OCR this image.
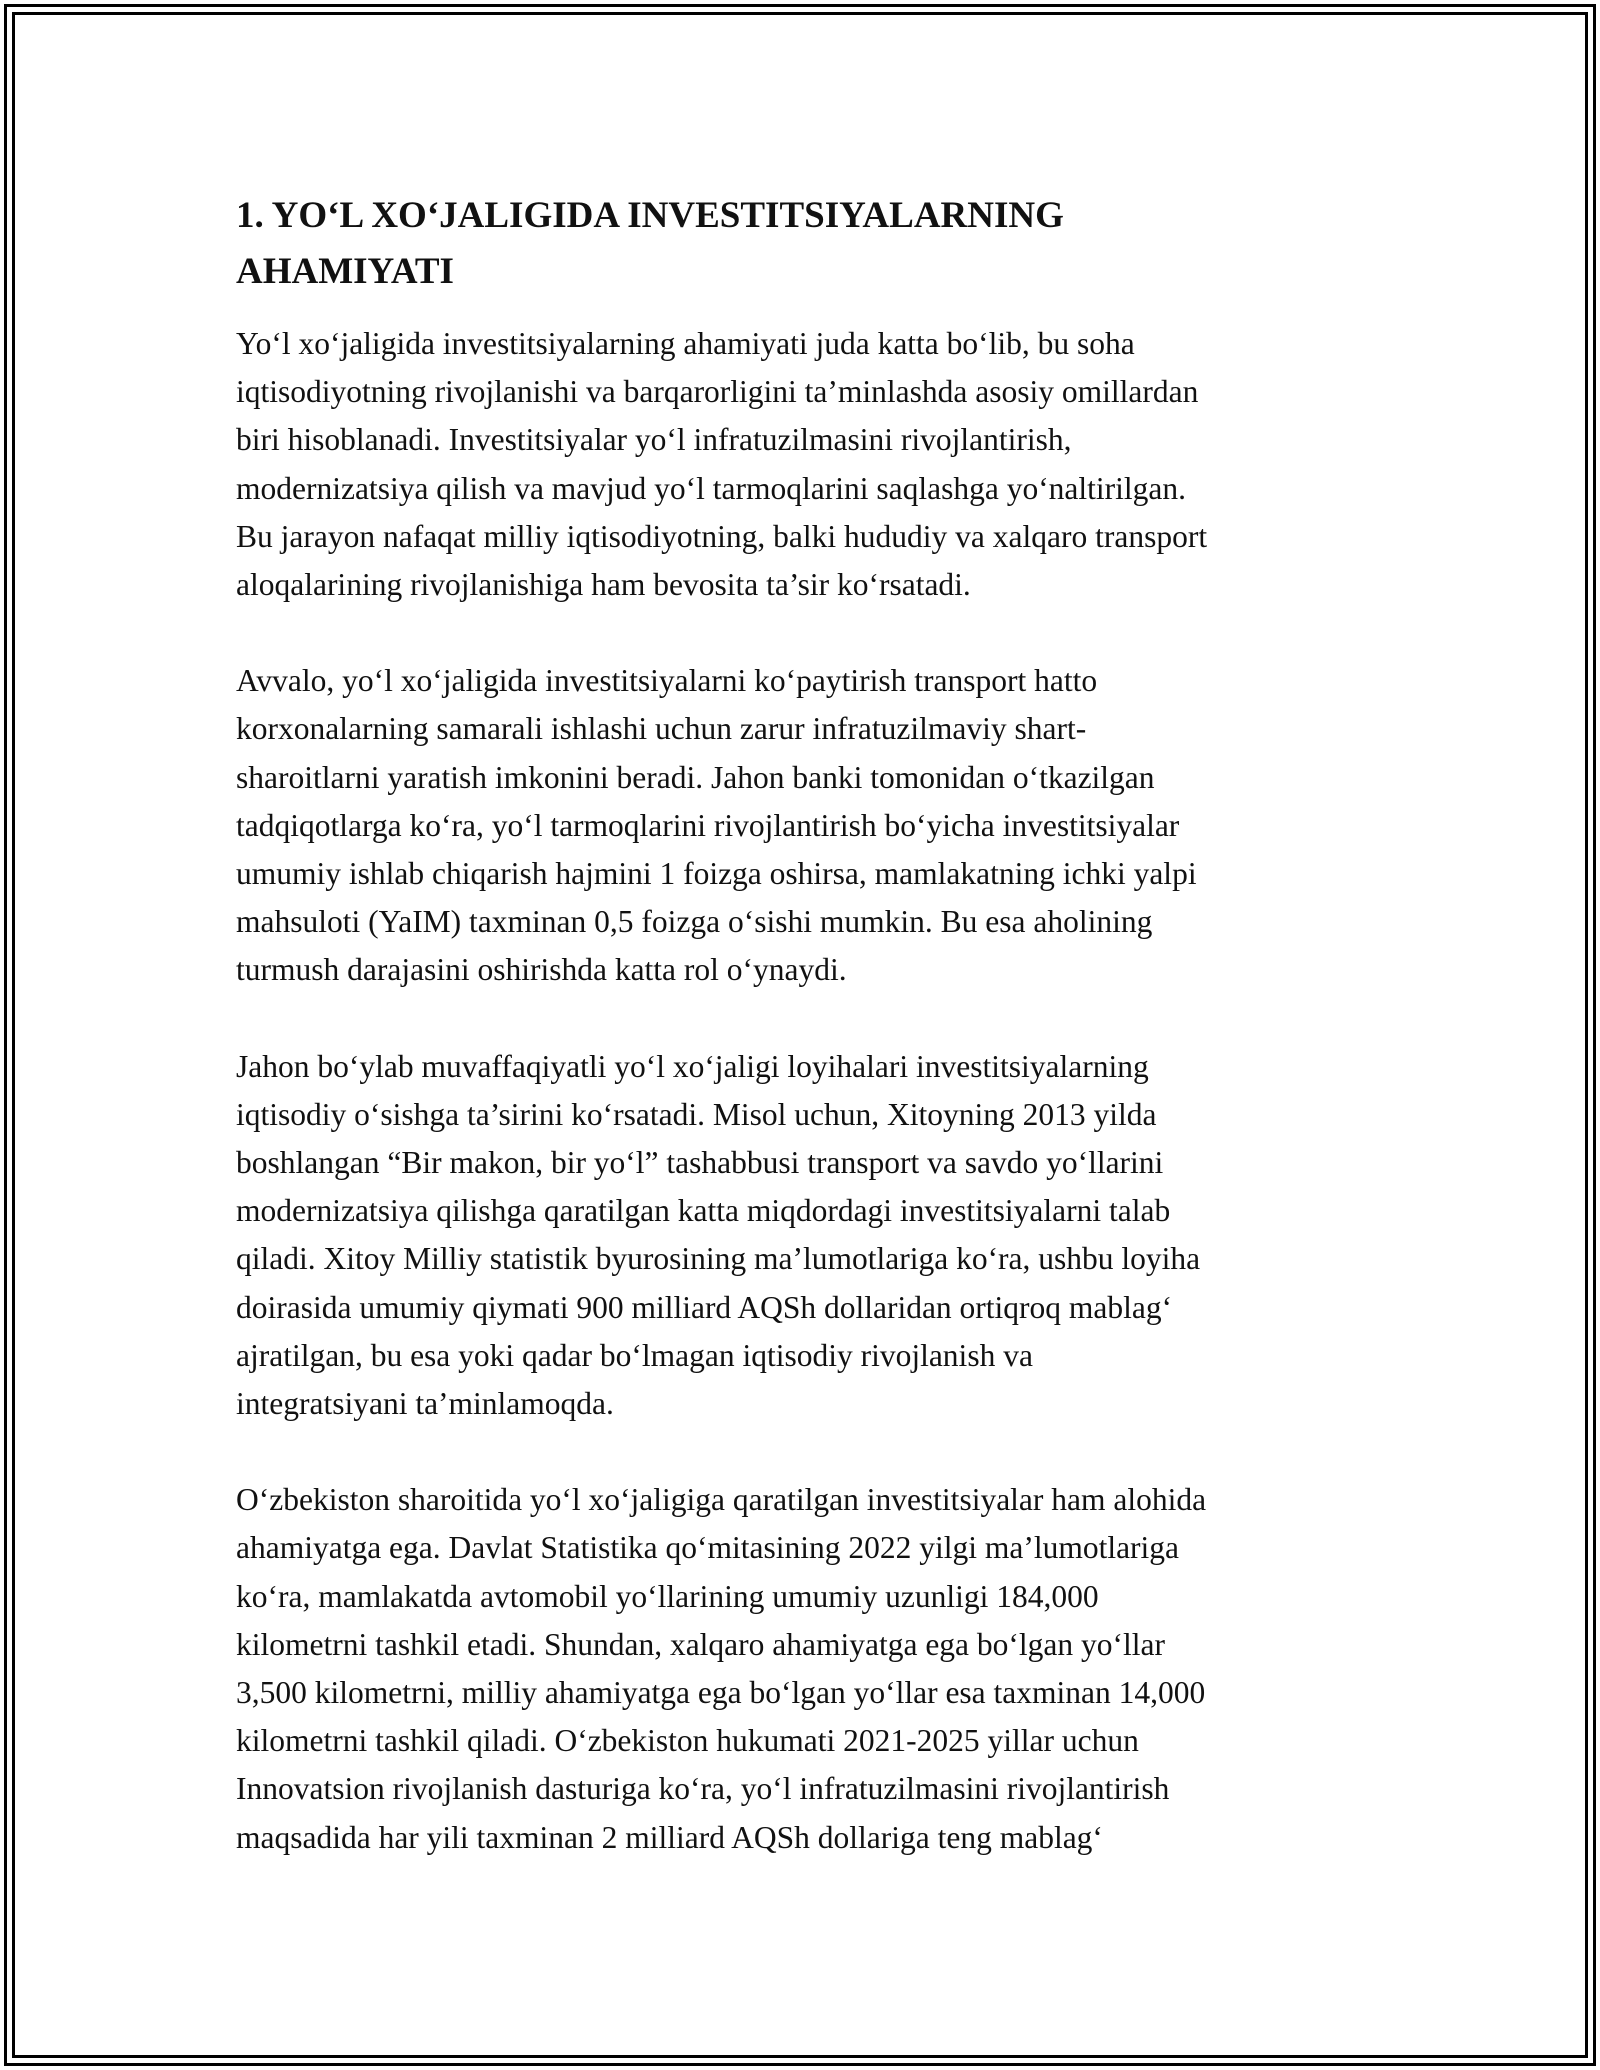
1. YO‘L XO‘JALIGIDA INVESTITSIYALARNING
AHAMIYATI

Yo‘l xo‘jaligida investitsiyalarning ahamiyati juda katta bo‘lib, bu soha
iqtisodiyotning rivojlanishi va barqarorligini ta’minlashda asosiy omillardan
biri hisoblanadi. Investitsiyalar yo‘l infratuzilmasini rivojlantirish,
modernizatsiya qilish va mavjud yo‘l tarmoqlarini saqlashga yo‘naltirilgan.
Bu jarayon nafaqat milliy iqtisodiyotning, balki hududiy va xalqaro transport
aloqalarining rivojlanishiga ham bevosita ta’sir ko‘rsatadi.

Avvalo, yo‘l xo‘jaligida investitsiyalarni ko‘paytirish transport hatto
korxonalarning samarali ishlashi uchun zarur infratuzilmaviy shart-
sharoitlarni yaratish imkonini beradi. Jahon banki tomonidan o‘tkazilgan
tadqiqotlarga ko‘ra, yo‘l tarmoqlarini rivojlantirish bo‘yicha investitsiyalar
umumiy ishlab chiqarish hajmini 1 foizga oshirsa, mamlakatning ichki yalpi
mahsuloti (YaIM) taxminan 0,5 foizga o‘sishi mumkin. Bu esa aholining
turmush darajasini oshirishda katta rol o‘ynaydi.

Jahon bo‘ylab muvaffaqiyatli yo‘l xo‘jaligi loyihalari investitsiyalarning
iqtisodiy o‘sishga ta’sirini ko‘rsatadi. Misol uchun, Xitoyning 2013 yilda
boshlangan “Bir makon, bir yo‘l” tashabbusi transport va savdo yo‘llarini
modernizatsiya qilishga qaratilgan katta miqdordagi investitsiyalarni talab
qiladi. Xitoy Milliy statistik byurosining ma’lumotlariga ko‘ra, ushbu loyiha
doirasida umumiy qiymati 900 milliard AQSh dollaridan ortiqroq mablag‘
ajratilgan, bu esa yoki qadar bo‘lmagan iqtisodiy rivojlanish va
integratsiyani ta’minlamoqda.

O‘zbekiston sharoitida yo‘l xo‘jaligiga qaratilgan investitsiyalar ham alohida
ahamiyatga ega. Davlat Statistika qo‘mitasining 2022 yilgi ma’lumotlariga
ko‘ra, mamlakatda avtomobil yo‘llarining umumiy uzunligi 184,000
kilometrni tashkil etadi. Shundan, xalqaro ahamiyatga ega bo‘lgan yo‘llar
3,500 kilometrni, milliy ahamiyatga ega bo‘lgan yo‘llar esa taxminan 14,000
kilometrni tashkil qiladi. O‘zbekiston hukumati 2021-2025 yillar uchun
Innovatsion rivojlanish dasturiga ko‘ra, yo‘l infratuzilmasini rivojlantirish
maqsadida har yili taxminan 2 milliard AQSh dollariga teng mablag‘
